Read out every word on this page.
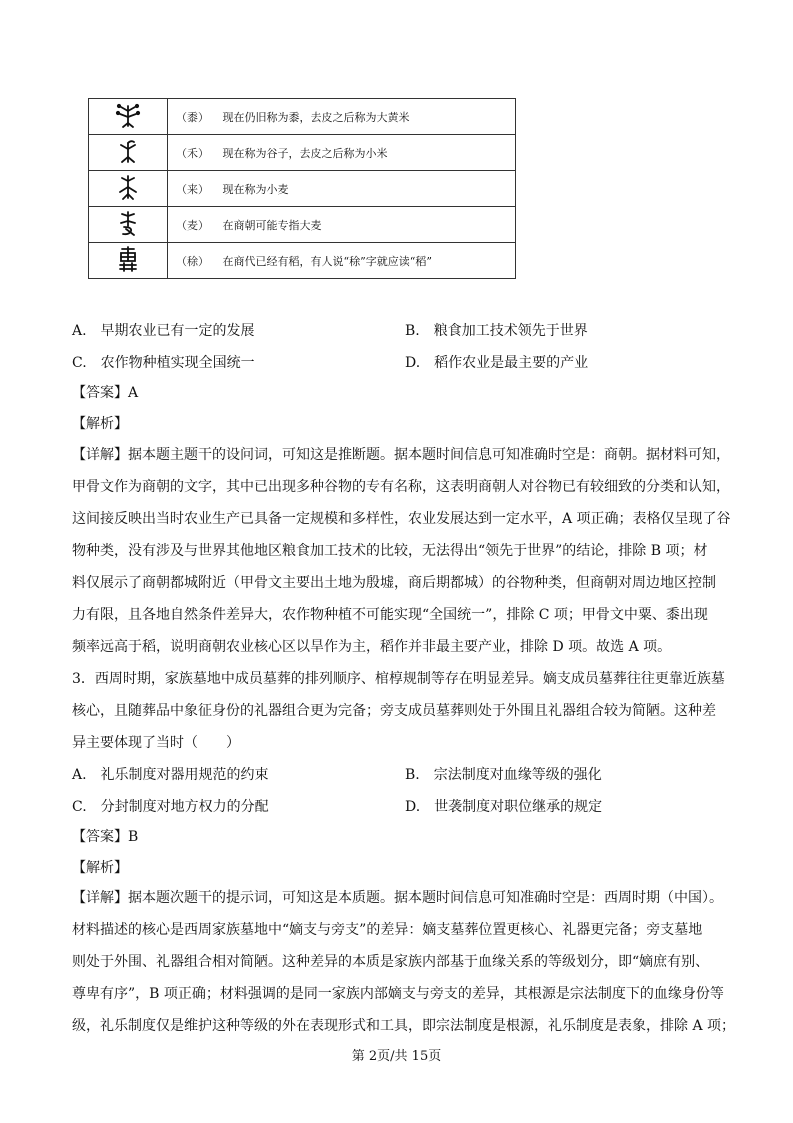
	（黍） 现在仍旧称为黍，去皮之后称为大黄米
	（禾） 现在称为谷子，去皮之后称为小米
	（来） 现在称为小麦
	（麦） 在商朝可能专指大麦
	（稌） 在商代已经有稻，有人说“稌”字就应读“稻”
A.　早期农业已有一定的发展	B.　粮食加工技术领先于世界
C.　农作物种植实现全国统一	D.　稻作农业是最主要的产业
【答案】A
【解析】
【详解】据本题主题干的设问词，可知这是推断题。据本题时间信息可知准确时空是：商朝。据材料可知，
甲骨文作为商朝的文字，其中已出现多种谷物的专有名称，这表明商朝人对谷物已有较细致的分类和认知，
这间接反映出当时农业生产已具备一定规模和多样性，农业发展达到一定水平，A 项正确；表格仅呈现了谷
物种类，没有涉及与世界其他地区粮食加工技术的比较，无法得出“领先于世界”的结论，排除 B 项；材
料仅展示了商朝都城附近（甲骨文主要出土地为殷墟，商后期都城）的谷物种类，但商朝对周边地区控制
力有限，且各地自然条件差异大，农作物种植不可能实现“全国统一”，排除 C 项；甲骨文中粟、黍出现
频率远高于稻，说明商朝农业核心区以旱作为主，稻作并非最主要产业，排除 D 项。故选 A 项。
3．西周时期，家族墓地中成员墓葬的排列顺序、棺椁规制等存在明显差异。嫡支成员墓葬往往更靠近族墓
核心，且随葬品中象征身份的礼器组合更为完备；旁支成员墓葬则处于外围且礼器组合较为简陋。这种差
异主要体现了当时（　　）
A.　礼乐制度对器用规范的约束	B.　宗法制度对血缘等级的强化
C.　分封制度对地方权力的分配	D.　世袭制度对职位继承的规定
【答案】B
【解析】
【详解】据本题次题干的提示词，可知这是本质题。据本题时间信息可知准确时空是：西周时期（中国）。
材料描述的核心是西周家族墓地中“嫡支与旁支”的差异：嫡支墓葬位置更核心、礼器更完备；旁支墓地
则处于外围、礼器组合相对简陋。这种差异的本质是家族内部基于血缘关系的等级划分，即“嫡庶有别、
尊卑有序”，B 项正确；材料强调的是同一家族内部嫡支与旁支的差异，其根源是宗法制度下的血缘身份等
级，礼乐制度仅是维护这种等级的外在表现形式和工具，即宗法制度是根源，礼乐制度是表象，排除 A 项；
第 2页/共 15页
